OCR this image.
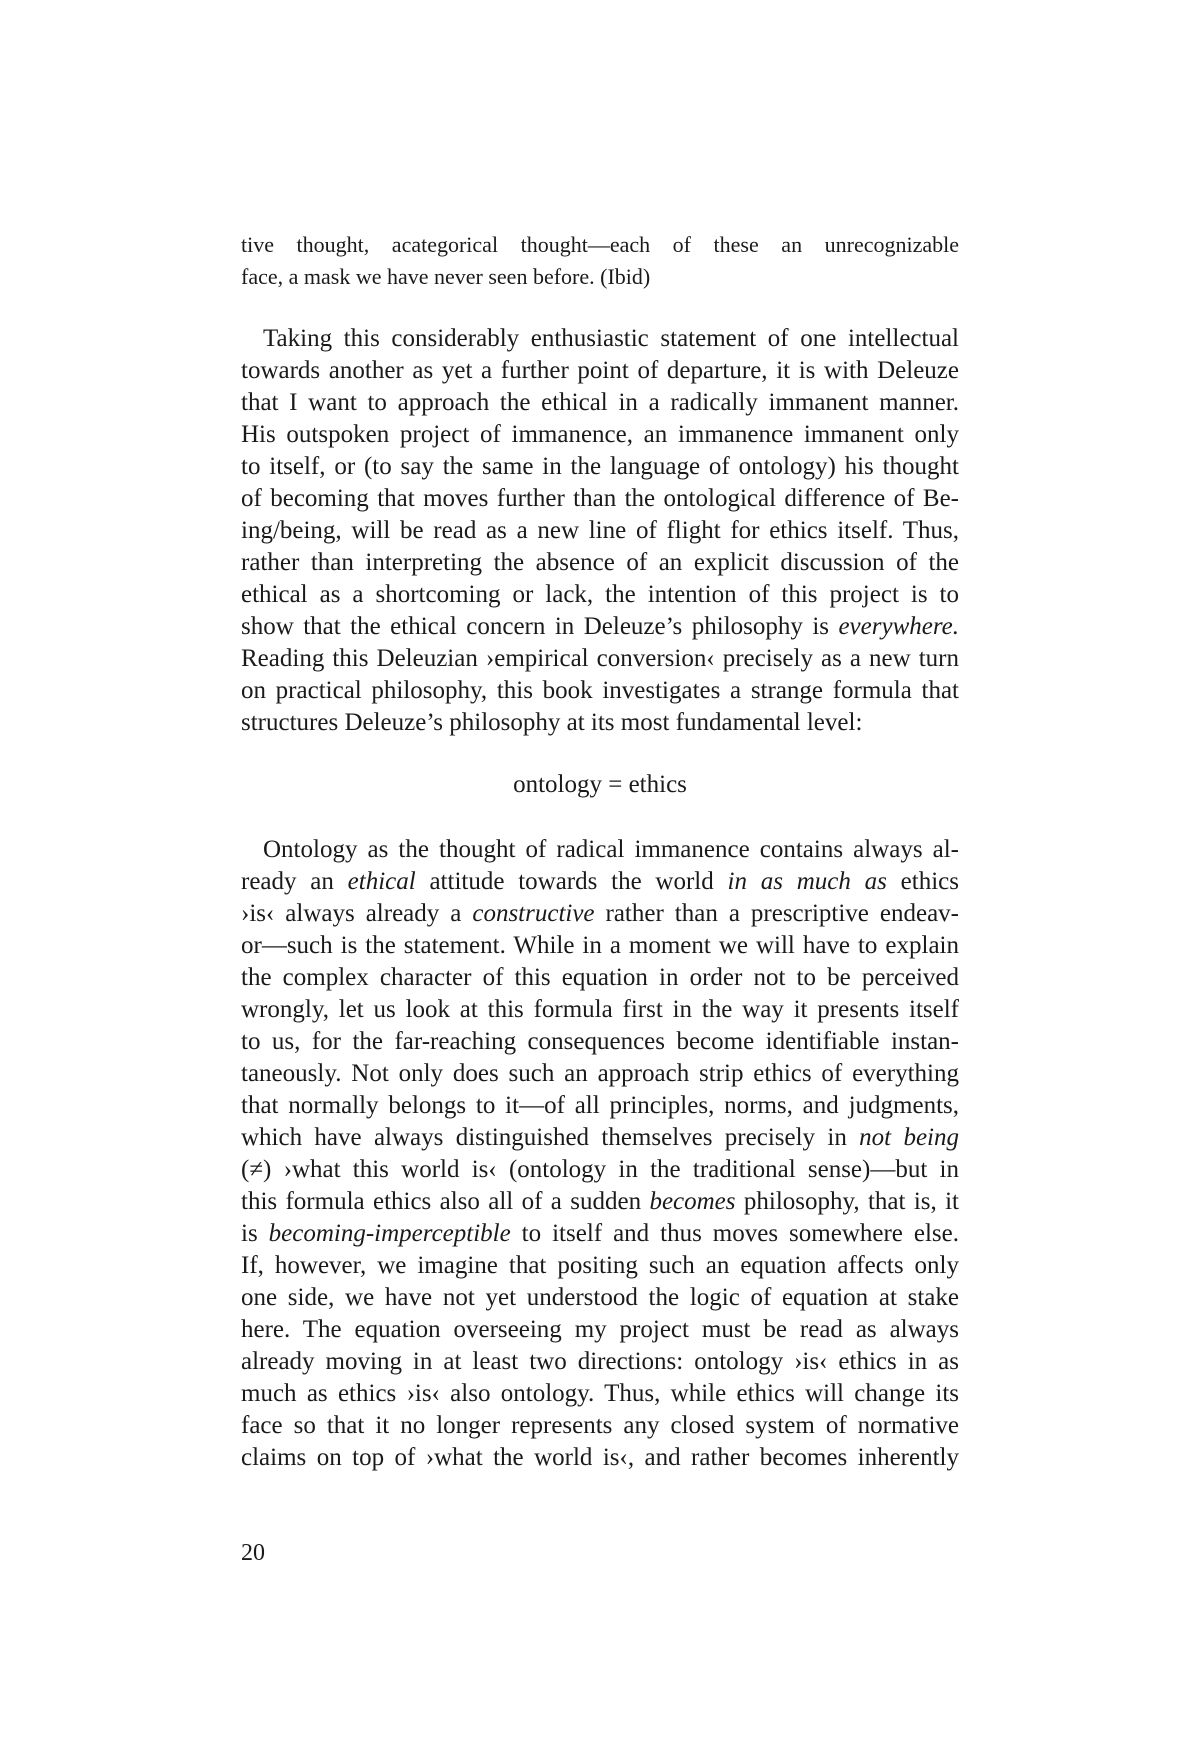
tive thought, acategorical thought—each of these an unrecognizable
face, a mask we have never seen before. (Ibid)
Taking this considerably enthusiastic statement of one intellectual
towards another as yet a further point of departure, it is with Deleuze
that I want to approach the ethical in a radically immanent manner.
His outspoken project of immanence, an immanence immanent only
to itself, or (to say the same in the language of ontology) his thought
of becoming that moves further than the ontological difference of Be-
ing/being, will be read as a new line of flight for ethics itself. Thus,
rather than interpreting the absence of an explicit discussion of the
ethical as a shortcoming or lack, the intention of this project is to
show that the ethical concern in Deleuze’s philosophy is everywhere.
Reading this Deleuzian ›empirical conversion‹ precisely as a new turn
on practical philosophy, this book investigates a strange formula that
structures Deleuze’s philosophy at its most fundamental level:
ontology = ethics
Ontology as the thought of radical immanence contains always al-
ready an ethical attitude towards the world in as much as ethics
›is‹ always already a constructive rather than a prescriptive endeav-
or—such is the statement. While in a moment we will have to explain
the complex character of this equation in order not to be perceived
wrongly, let us look at this formula first in the way it presents itself
to us, for the far-reaching consequences become identifiable instan-
taneously. Not only does such an approach strip ethics of everything
that normally belongs to it—of all principles, norms, and judgments,
which have always distinguished themselves precisely in not being
(≠) ›what this world is‹ (ontology in the traditional sense)—but in
this formula ethics also all of a sudden becomes philosophy, that is, it
is becoming-imperceptible to itself and thus moves somewhere else.
If, however, we imagine that positing such an equation affects only
one side, we have not yet understood the logic of equation at stake
here. The equation overseeing my project must be read as always
already moving in at least two directions: ontology ›is‹ ethics in as
much as ethics ›is‹ also ontology. Thus, while ethics will change its
face so that it no longer represents any closed system of normative
claims on top of ›what the world is‹, and rather becomes inherently
20
